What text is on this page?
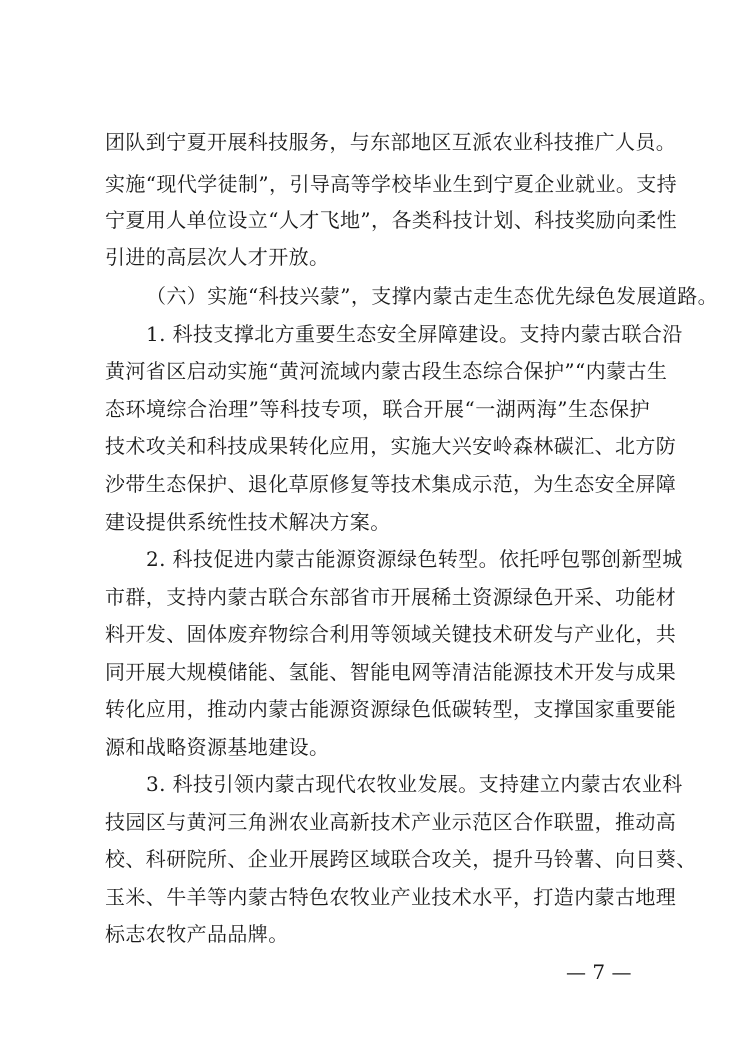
团队到宁夏开展科技服务，与东部地区互派农业科技推广人员。
实施“现代学徒制”，引导高等学校毕业生到宁夏企业就业。支持
宁夏用人单位设立“人才飞地”，各类科技计划、科技奖励向柔性
引进的高层次人才开放。
（六）实施“科技兴蒙”，支撑内蒙古走生态优先绿色发展道路。
1. 科技支撑北方重要生态安全屏障建设。支持内蒙古联合沿
黄河省区启动实施“黄河流域内蒙古段生态综合保护”“内蒙古生
态环境综合治理”等科技专项，联合开展“一湖两海”生态保护
技术攻关和科技成果转化应用，实施大兴安岭森林碳汇、北方防
沙带生态保护、退化草原修复等技术集成示范，为生态安全屏障
建设提供系统性技术解决方案。
2. 科技促进内蒙古能源资源绿色转型。依托呼包鄂创新型城
市群，支持内蒙古联合东部省市开展稀土资源绿色开采、功能材
料开发、固体废弃物综合利用等领域关键技术研发与产业化，共
同开展大规模储能、氢能、智能电网等清洁能源技术开发与成果
转化应用，推动内蒙古能源资源绿色低碳转型，支撑国家重要能
源和战略资源基地建设。
3. 科技引领内蒙古现代农牧业发展。支持建立内蒙古农业科
技园区与黄河三角洲农业高新技术产业示范区合作联盟，推动高
校、科研院所、企业开展跨区域联合攻关，提升马铃薯、向日葵、
玉米、牛羊等内蒙古特色农牧业产业技术水平，打造内蒙古地理
标志农牧产品品牌。
— 7 —
